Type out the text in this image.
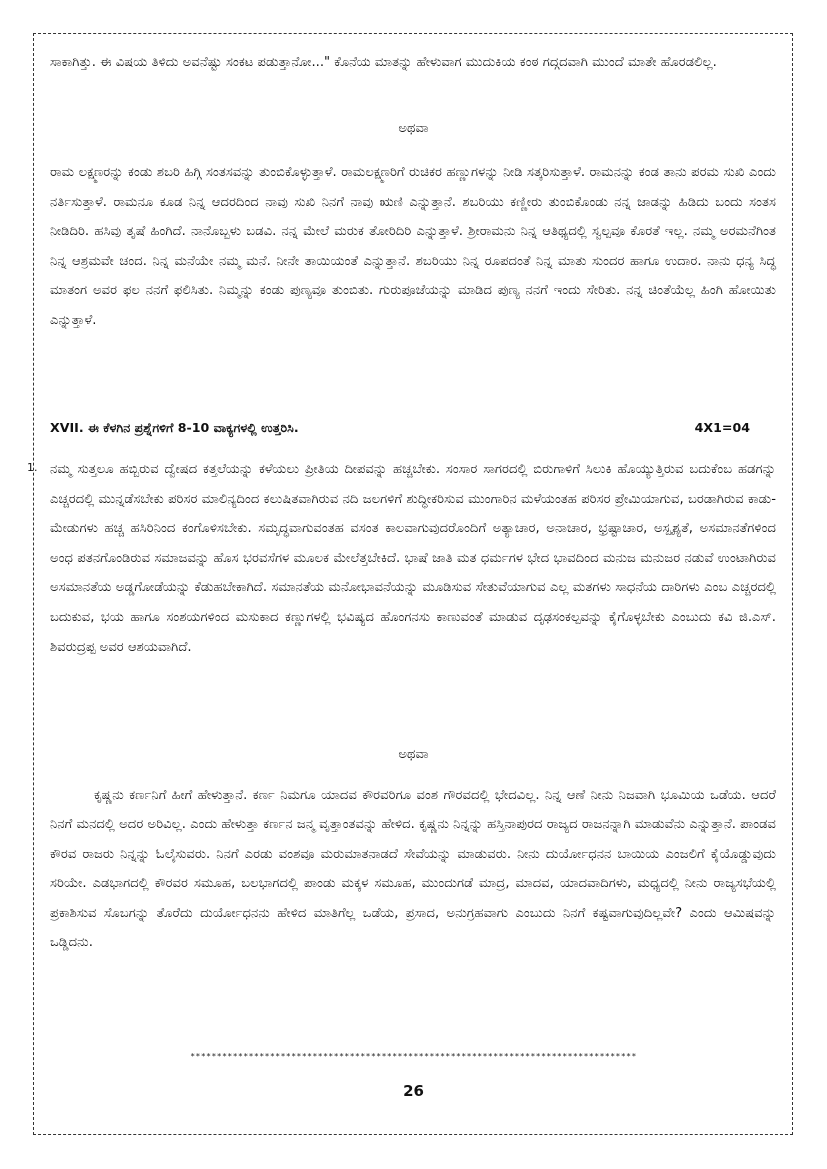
ಸಾಕಾಗಿತ್ತು. ಈ ವಿಷಯ ತಿಳಿದು ಅವನೆಷ್ಟು ಸಂಕಟ ಪಡುತ್ತಾನೋ..." ಕೊನೆಯ ಮಾತನ್ನು ಹೇಳುವಾಗ ಮುದುಕಿಯ ಕಂಠ ಗದ್ಗದವಾಗಿ ಮುಂದೆ ಮಾತೇ ಹೊರಡಲಿಲ್ಲ.

ಅಥವಾ

ರಾಮ ಲಕ್ಷ್ಮಣರನ್ನು ಕಂಡು ಶಬರಿ ಹಿಗ್ಗಿ ಸಂತಸವನ್ನು ತುಂಬಿಕೊಳ್ಳುತ್ತಾಳೆ. ರಾಮಲಕ್ಷ್ಮಣರಿಗೆ ರುಚಿಕರ ಹಣ್ಣುಗಳನ್ನು ನೀಡಿ ಸತ್ಕರಿಸುತ್ತಾಳೆ. ರಾಮನನ್ನು ಕಂಡ ತಾನು ಪರಮ ಸುಖಿ ಎಂದು ನರ್ತಿಸುತ್ತಾಳೆ. ರಾಮನೂ ಕೂಡ ನಿನ್ನ ಆದರದಿಂದ ನಾವು ಸುಖಿ ನಿನಗೆ ನಾವು ಋಣಿ ಎನ್ನುತ್ತಾನೆ. ಶಬರಿಯು ಕಣ್ಣೀರು ತುಂಬಿಕೊಂಡು ನನ್ನ ಜಾಡನ್ನು ಹಿಡಿದು ಬಂದು ಸಂತಸ ನೀಡಿದಿರಿ. ಹಸಿವು ತೃಷೆ ಹಿಂಗಿದೆ. ನಾನೊಬ್ಬಳು ಬಡವಿ. ನನ್ನ ಮೇಲೆ ಮರುಕ ತೋರಿದಿರಿ ಎನ್ನುತ್ತಾಳೆ. ಶ್ರೀರಾಮನು ನಿನ್ನ ಆತಿಥ್ಯದಲ್ಲಿ ಸ್ವಲ್ಪವೂ ಕೊರತೆ ಇಲ್ಲ. ನಮ್ಮ ಅರಮನೆಗಿಂತ ನಿನ್ನ ಆಶ್ರಮವೇ ಚಂದ. ನಿನ್ನ ಮನೆಯೇ ನಮ್ಮ ಮನೆ. ನೀನೇ ತಾಯಿಯಂತೆ ಎನ್ನುತ್ತಾನೆ. ಶಬರಿಯು ನಿನ್ನ ರೂಪದಂತೆ ನಿನ್ನ ಮಾತು ಸುಂದರ ಹಾಗೂ ಉದಾರ. ನಾನು ಧನ್ಯ ಸಿದ್ಧ ಮಾತಂಗ ಅವರ ಫಲ ನನಗೆ ಫಲಿಸಿತು. ನಿಮ್ಮನ್ನು ಕಂಡು ಪುಣ್ಯವೂ ತುಂಬಿತು. ಗುರುಪೂಜೆಯನ್ನು ಮಾಡಿದ ಪುಣ್ಯ ನನಗೆ ಇಂದು ಸೇರಿತು. ನನ್ನ ಚಿಂತೆಯೆಲ್ಲ ಹಿಂಗಿ ಹೋಯಿತು ಎನ್ನುತ್ತಾಳೆ.

XVII. ಈ ಕೆಳಗಿನ ಪ್ರಶ್ನೆಗಳಿಗೆ 8-10 ವಾಕ್ಯಗಳಲ್ಲಿ ಉತ್ತರಿಸಿ.	4X1=04
1. ನಮ್ಮ ಸುತ್ತಲೂ ಹಬ್ಬಿರುವ ದ್ವೇಷದ ಕತ್ತಲೆಯನ್ನು ಕಳೆಯಲು ಪ್ರೀತಿಯ ದೀಪವನ್ನು ಹಚ್ಚಬೇಕು. ಸಂಸಾರ ಸಾಗರದಲ್ಲಿ ಬಿರುಗಾಳಿಗೆ ಸಿಲುಕಿ ಹೊಯ್ಯುತ್ತಿರುವ ಬದುಕೆಂಬ ಹಡಗನ್ನು ಎಚ್ಚರದಲ್ಲಿ ಮುನ್ನಡೆಸಬೇಕು ಪರಿಸರ ಮಾಲಿನ್ಯದಿಂದ ಕಲುಷಿತವಾಗಿರುವ ನದಿ ಜಲಗಳಿಗೆ ಶುದ್ಧೀಕರಿಸುವ ಮುಂಗಾರಿನ ಮಳೆಯಂತಹ ಪರಿಸರ ಪ್ರೇಮಿಯಾಗುವ, ಬರಡಾಗಿರುವ ಕಾಡು-ಮೇಡುಗಳು ಹಚ್ಚ ಹಸಿರಿನಿಂದ ಕಂಗೊಳಿಸಬೇಕು. ಸಮೃದ್ಧವಾಗುವಂತಹ ವಸಂತ ಕಾಲವಾಗುವುದರೊಂದಿಗೆ ಅತ್ಯಾಚಾರ, ಅನಾಚಾರ, ಭ್ರಷ್ಟಾಚಾರ, ಅಸ್ಪೃಶ್ಯತೆ, ಅಸಮಾನತೆಗಳಿಂದ ಅಂಧ ಪತನಗೊಂಡಿರುವ ಸಮಾಜವನ್ನು ಹೊಸ ಭರವಸೆಗಳ ಮೂಲಕ ಮೇಲೆತ್ತಬೇಕಿದೆ. ಭಾಷೆ ಜಾತಿ ಮತ ಧರ್ಮಗಳ ಭೇದ ಭಾವದಿಂದ ಮನುಜ ಮನುಜರ ನಡುವೆ ಉಂಟಾಗಿರುವ ಅಸಮಾನತೆಯ ಅಡ್ಡಗೋಡೆಯನ್ನು ಕೆಡುಹಬೇಕಾಗಿದೆ. ಸಮಾನತೆಯ ಮನೋಭಾವನೆಯನ್ನು ಮೂಡಿಸುವ ಸೇತುವೆಯಾಗುವ ಎಲ್ಲ ಮತಗಳು ಸಾಧನೆಯ ದಾರಿಗಳು ಎಂಬ ಎಚ್ಚರದಲ್ಲಿ ಬದುಕುವ, ಭಯ ಹಾಗೂ ಸಂಶಯಗಳಿಂದ ಮಸುಕಾದ ಕಣ್ಣುಗಳಲ್ಲಿ ಭವಿಷ್ಯದ ಹೊಂಗನಸು ಕಾಣುವಂತೆ ಮಾಡುವ ದೃಢಸಂಕಲ್ಪವನ್ನು ಕೈಗೊಳ್ಳಬೇಕು ಎಂಬುದು ಕವಿ ಜಿ.ಎಸ್. ಶಿವರುದ್ರಪ್ಪ ಅವರ ಆಶಯವಾಗಿದೆ.

ಅಥವಾ

ಕೃಷ್ಣನು ಕರ್ಣನಿಗೆ ಹೀಗೆ ಹೇಳುತ್ತಾನೆ. ಕರ್ಣ ನಿಮಗೂ ಯಾದವ ಕೌರವರಿಗೂ ವಂಶ ಗೌರವದಲ್ಲಿ ಭೇದವಿಲ್ಲ. ನಿನ್ನ ಆಣೆ ನೀನು ನಿಜವಾಗಿ ಭೂಮಿಯ ಒಡೆಯ. ಆದರೆ ನಿನಗೆ ಮನದಲ್ಲಿ ಅದರ ಅರಿವಿಲ್ಲ. ಎಂದು ಹೇಳುತ್ತಾ ಕರ್ಣನ ಜನ್ಮ ವೃತ್ತಾಂತವನ್ನು ಹೇಳಿದ. ಕೃಷ್ಣನು ನಿನ್ನನ್ನು ಹಸ್ತಿನಾಪುರದ ರಾಜ್ಯದ ರಾಜನನ್ನಾಗಿ ಮಾಡುವೆನು ಎನ್ನುತ್ತಾನೆ. ಪಾಂಡವ ಕೌರವ ರಾಜರು ನಿನ್ನನ್ನು ಓಲೈಸುವರು. ನಿನಗೆ ಎರಡು ವಂಶವೂ ಮರುಮಾತನಾಡದೆ ಸೇವೆಯನ್ನು ಮಾಡುವರು. ನೀನು ದುರ್ಯೋಧನನ ಬಾಯಿಯ ಎಂಜಲಿಗೆ ಕೈಯೊಡ್ಡುವುದು ಸರಿಯೇ. ಎಡಭಾಗದಲ್ಲಿ ಕೌರವರ ಸಮೂಹ, ಬಲಭಾಗದಲ್ಲಿ ಪಾಂಡು ಮಕ್ಕಳ ಸಮೂಹ, ಮುಂದುಗಡೆ ಮಾದ್ರ, ಮಾದವ, ಯಾದವಾದಿಗಳು, ಮಧ್ಯದಲ್ಲಿ ನೀನು ರಾಜ್ಯಸಭೆಯಲ್ಲಿ ಪ್ರಕಾಶಿಸುವ ಸೊಬಗನ್ನು ತೊರೆದು ದುರ್ಯೋಧನನು ಹೇಳಿದ ಮಾತಿಗೆಲ್ಲ ಒಡೆಯ, ಪ್ರಸಾದ, ಅನುಗ್ರಹವಾಗು ಎಂಬುದು ನಿನಗೆ ಕಷ್ಟವಾಗುವುದಿಲ್ಲವೇ? ಎಂದು ಆಮಿಷವನ್ನು ಒಡ್ಡಿದನು.

************************************************************************************
26
